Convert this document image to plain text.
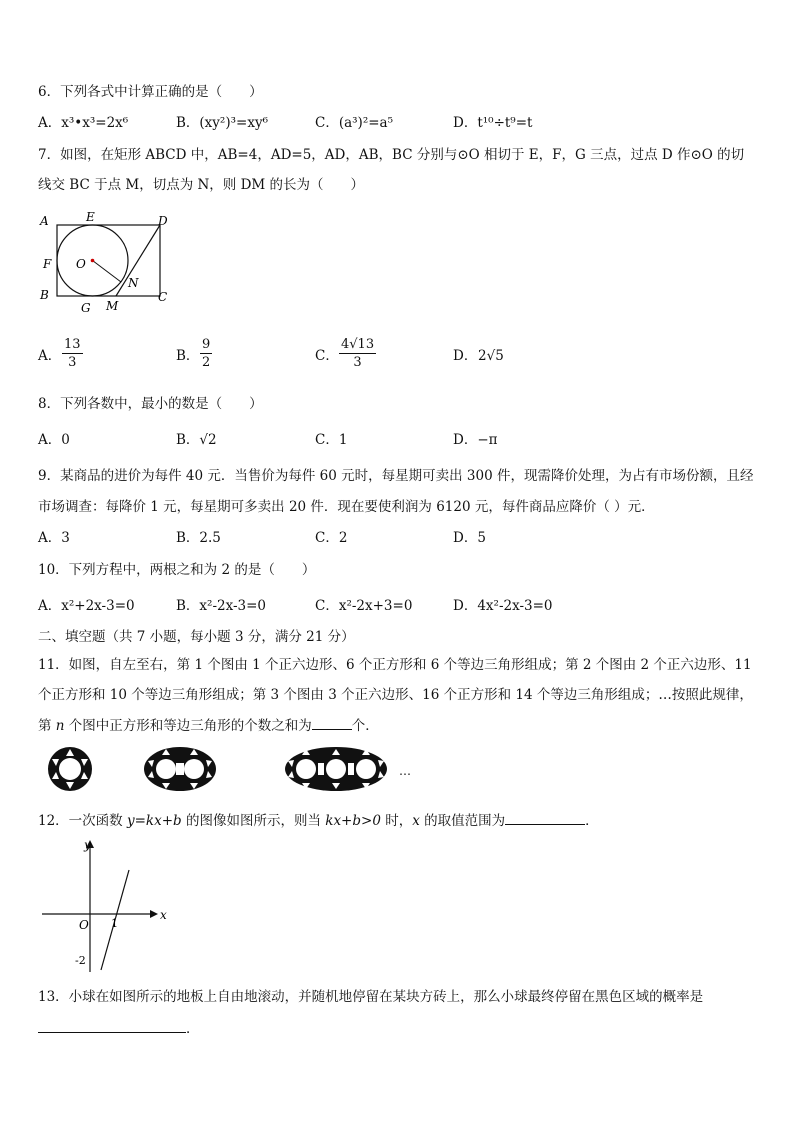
6．下列各式中计算正确的是（　　）
A．x³•x³=2x⁶	B．(xy²)³=xy⁶	C．(a³)²=a⁵	D．t¹⁰÷t⁹=t
7．如图，在矩形 ABCD 中，AB=4，AD=5，AD，AB，BC 分别与⊙O 相切于 E，F，G 三点，过点 D 作⊙O 的切
线交 BC 于点 M，切点为 N，则 DM 的长为（　　）
A	E	D
F O
N
B
G M
C
A． $\frac{13}{3}$	B． $\frac{9}{2}$	C． $\frac{4√13}{3}$	D． 2√5
8．下列各数中，最小的数是（　　）
A．0	B．√2	C．1	D．−π
9．某商品的进价为每件 40 元．当售价为每件 60 元时，每星期可卖出 300 件，现需降价处理，为占有市场份额，且经
市场调查：每降价 1 元，每星期可多卖出 20 件．现在要使利润为 6120 元，每件商品应降价（ ）元．
A．3	B．2.5	C．2	D．5
10．下列方程中，两根之和为 2 的是（　　）
A．x²+2x-3=0	B．x²-2x-3=0	C．x²-2x+3=0	D．4x²-2x-3=0
二、填空题（共 7 小题，每小题 3 分，满分 21 分）
11．如图，自左至右，第 1 个图由 1 个正六边形、6 个正方形和 6 个等边三角形组成；第 2 个图由 2 个正六边形、11
个正方形和 10 个等边三角形组成；第 3 个图由 3 个正六边形、16 个正方形和 14 个等边三角形组成；…按照此规律，
第 n 个图中正方形和等边三角形的个数之和为	个．
…
12．一次函数 y=kx+b 的图像如图所示，则当 kx+b>0 时，x 的取值范围为	．
x
y
O 1
-2
13．小球在如图所示的地板上自由地滚动，并随机地停留在某块方砖上，那么小球最终停留在黑色区域的概率是
．
